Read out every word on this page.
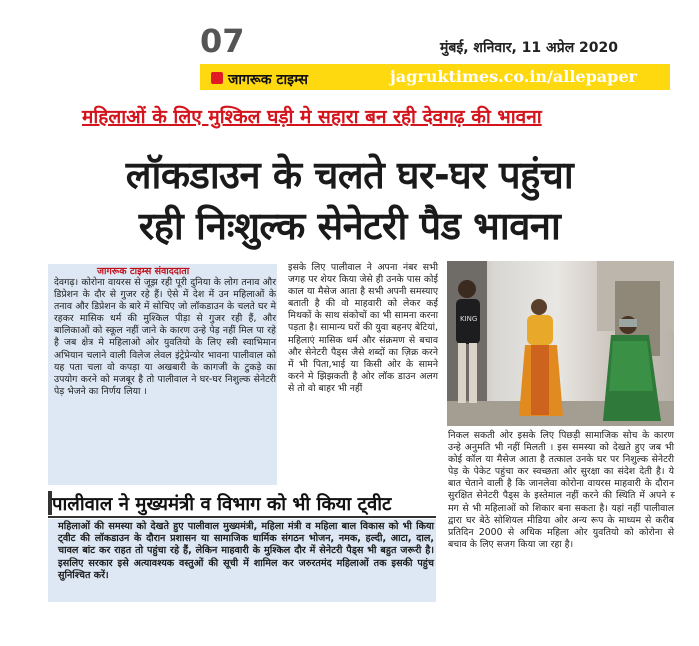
07	मुंबई, शनिवार, 11 अप्रेल 2020
जागरूक टाइम्स	jagruktimes.co.in/allepaper
महिलाओं के लिए मुश्किल घड़ी मे सहारा बन रही देवगढ़ की भावना
लॉकडाउन के चलते घर-घर पहुंचा
रही निःशुल्क सेनेटरी पैड भावना
जागरूक टाइम्स संवाददाता
देवगढ़। कोरोना वायरस से जूझ रही पूरी दुनिया के लोग तनाव और डिप्रेशन के दौर से गुजर रहे हैं। ऐसे में देश में उन महिलाओं के तनाव और डिप्रेशन के बारे में सोचिए जो लॉकडाउन के चलते घर मे रहकर मासिक धर्म की मुश्किल पीड़ा से गुजर रही हैं, और बालिकाओं को स्कूल नहीं जाने के कारण उन्हे पेड़ नहीं मिल पा रहे है जब क्षेत्र मे महिलाओ ओर युवतियो के लिए स्त्री स्वाभिमान अभियान चलाने वाली विलेज लेवल इंट्रेप्रेन्योर भावना पालीवाल को यह पता चला वो कपड़ा या अखबारी के कागजी के टुकड़े का उपयोग करने को मजबूर है तो पालीवाल ने घर-घर निशुल्क सेनेटरी पेड़ भेजने का निर्णय लिया ।
इसके लिए पालीवाल ने अपना नंबर सभी जगह पर शेयर किया जेसे ही उनके पास कोई काल या मैसेज आता है सभी अपनी समस्याए बताती है की वो माहवारी को लेकर कई मिथकों के साथ संकोचों का भी सामना करना पड़ता है। सामान्य घरों की युवा बहनए बेटियां, महिलाएं मासिक धर्म और संक्रमण से बचाव और सेनेटरी पैड्स जैसे शब्दों का ज़िक्र करने में भी पिता,भाई या किसी ओर के सामने करने मे झिझकती है ओर लॉक डाउन अलग से तो वो बाहर भी नहीं
KING
निकल सकती ओर इसके लिए पिछड़ी सामाजिक सोच के कारण उन्हे अनुमति भी नहीं मिलती । इस समस्या को देखते हुए जब भी कोई कॉल या मैसेज आता है तत्काल उनके घर पर निशुल्क सेनेटरी पेड़ के पेकेट पहुंचा कर स्वच्छता ओर सुरक्षा का संदेश देती है। ये बात चेताने वाली है कि जानलेवा कोरोना वायरस माहवारी के दौरान सुरक्षित सेनेटरी पैड्स के इस्तेमाल नहीं करने की स्थिति में अपने स्‍ मग से भी महिलाओं को शिकार बना सकता है। यहां नहीं पालीवाल द्वारा घर बेठे सोशियल मीडिया ओर अन्य रूप के माध्यम से करीब प्रतिदिन 2000 से अधिक महिला ओर युवतियो को कोरोना से बचाव के लिए सजग किया जा रहा है।
पालीवाल ने मुख्यमंत्री व विभाग को भी किया ट्वीट
महिलाओं की समस्या को देखते हुए पालीवाल मुख्यमंत्री, महिला मंत्री व महिला बाल विकास को भी किया ट्वीट की लॉकडाउन के दौरान प्रशासन या सामाजिक धार्मिक संगठन भोजन, नमक, हल्दी, आटा, दाल, चावल बांट कर राहत तो पहुंचा रहे हैं, लेकिन माहवारी के मुश्किल दौर में सेनेटरी पैड्स भी बहुत जरूरी है। इसलिए सरकार इसे अत्यावश्यक वस्तुओं की सूची में शामिल कर जरुरतमंद महिलाओं तक इसकी पहुंच सुनिश्चित करें।
